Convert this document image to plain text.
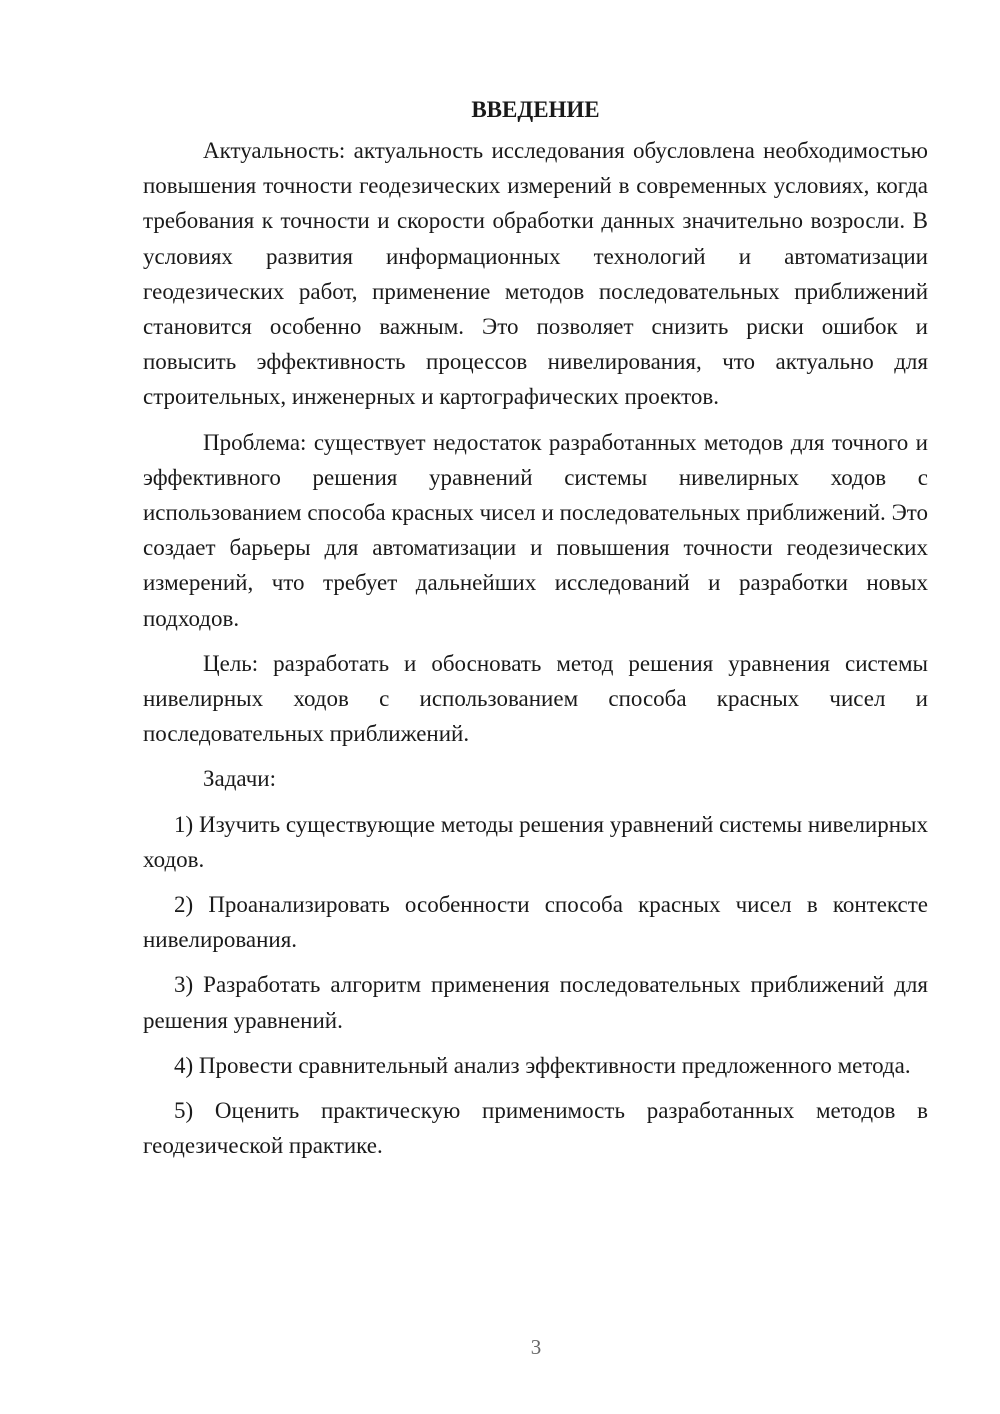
ВВЕДЕНИЕ

Актуальность: актуальность исследования обусловлена необходимостью повышения точности геодезических измерений в современных условиях, когда требования к точности и скорости обработки данных значительно возросли. В условиях развития информационных технологий и автоматизации геодезических работ, применение методов последовательных приближений становится особенно важным. Это позволяет снизить риски ошибок и повысить эффективность процессов нивелирования, что актуально для строительных, инженерных и картографических проектов.

Проблема: существует недостаток разработанных методов для точного и эффективного решения уравнений системы нивелирных ходов с использованием способа красных чисел и последовательных приближений. Это создает барьеры для автоматизации и повышения точности геодезических измерений, что требует дальнейших исследований и разработки новых подходов.

Цель: разработать и обосновать метод решения уравнения системы нивелирных ходов с использованием способа красных чисел и последовательных приближений.

Задачи:

1) Изучить существующие методы решения уравнений системы нивелирных ходов.

2) Проанализировать особенности способа красных чисел в контексте нивелирования.

3) Разработать алгоритм применения последовательных приближений для решения уравнений.

4) Провести сравнительный анализ эффективности предложенного метода.

5) Оценить практическую применимость разработанных методов в геодезической практике.

3
